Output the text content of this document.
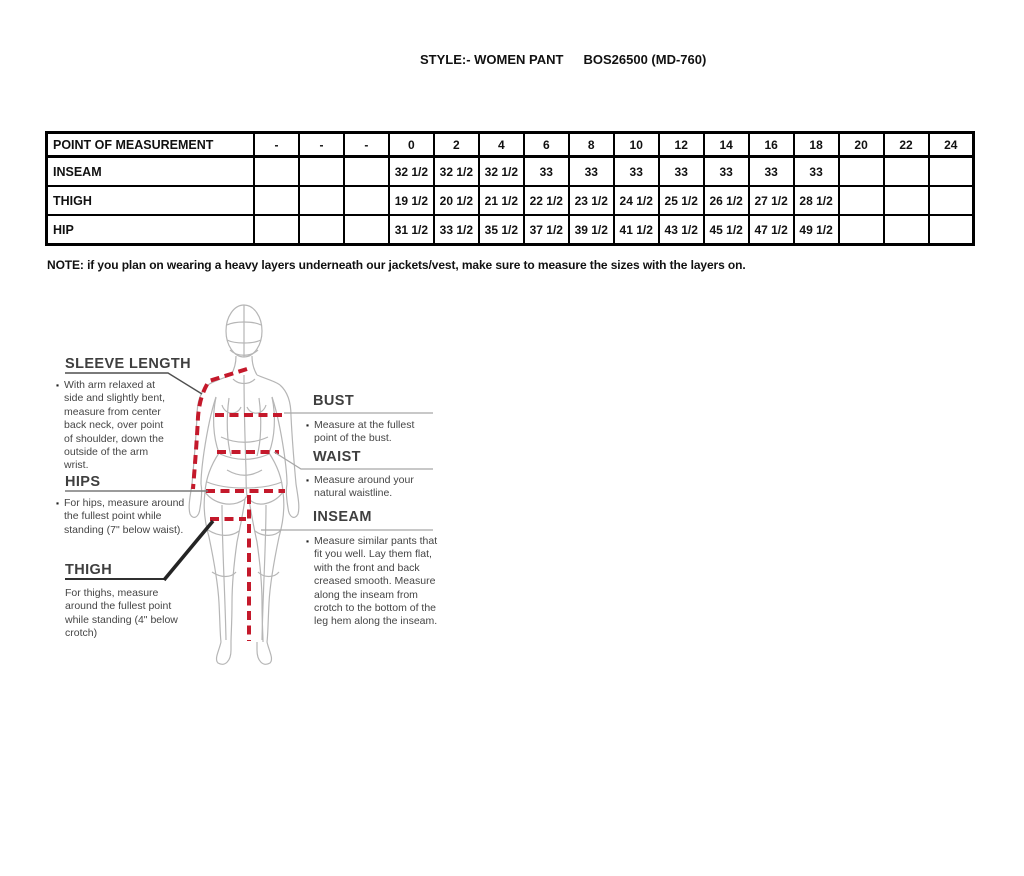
STYLE:- WOMEN PANT BOS26500 (MD-760)
POINT OF MEASUREMENT	-	-	-	0	2	4	6	8	10	12	14	16	18	20	22	24
INSEAM				32 1/2	32 1/2	32 1/2	33	33	33	33	33	33	33			
THIGH				19 1/2	20 1/2	21 1/2	22 1/2	23 1/2	24 1/2	25 1/2	26 1/2	27 1/2	28 1/2			
HIP				31 1/2	33 1/2	35 1/2	37 1/2	39 1/2	41 1/2	43 1/2	45 1/2	47 1/2	49 1/2			
NOTE: if you plan on wearing a heavy layers underneath our jackets/vest, make sure to measure the sizes with the layers on.
SLEEVE LENGTH
▪ With arm relaxed at side and slightly bent, measure from center back neck, over point of shoulder, down the outside of the arm wrist.
HIPS
▪ For hips, measure around the fullest point while standing (7" below waist).
THIGH
For thighs, measure around the fullest point while standing (4" below crotch)
BUST
▪ Measure at the fullest point of the bust.
WAIST
▪ Measure around your natural waistline.
INSEAM
▪ Measure similar pants that fit you well. Lay them flat, with the front and back creased smooth. Measure along the inseam from crotch to the bottom of the leg hem along the inseam.
